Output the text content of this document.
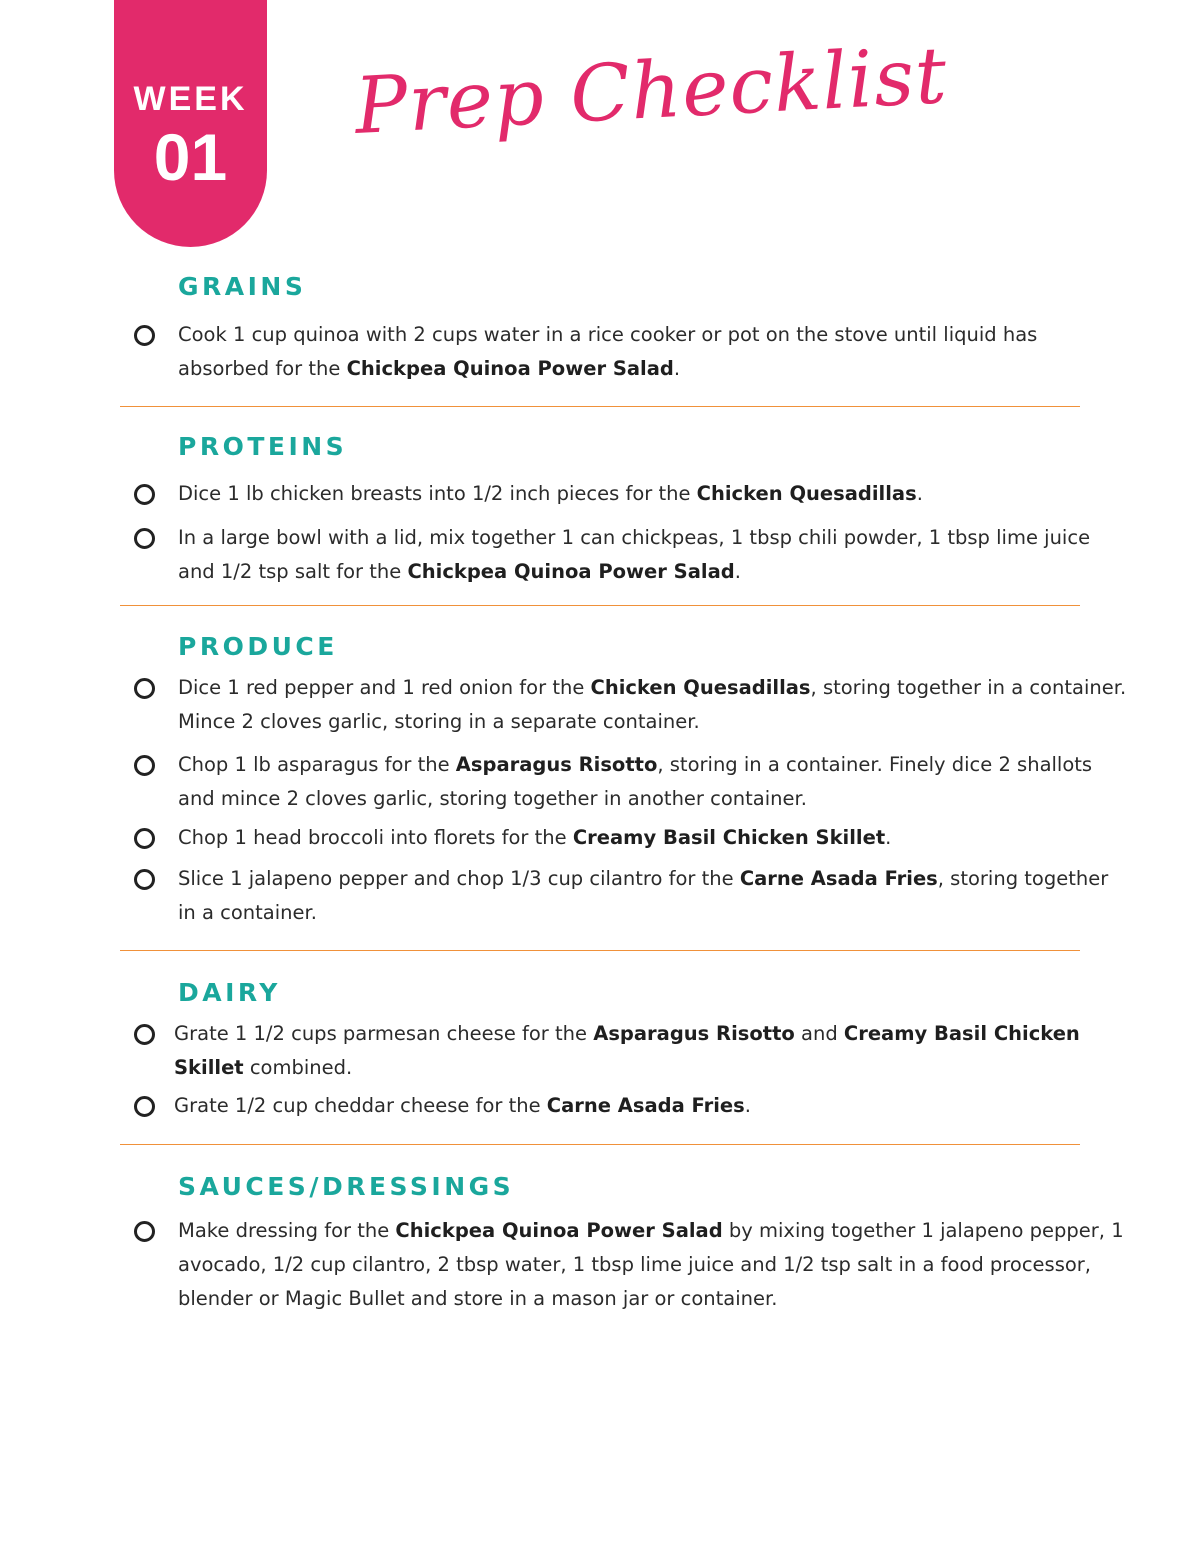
WEEK
01
Prep Checklist
GRAINS
Cook 1 cup quinoa with 2 cups water in a rice cooker or pot on the stove until liquid has absorbed for the Chickpea Quinoa Power Salad.
PROTEINS
Dice 1 lb chicken breasts into 1/2 inch pieces for the Chicken Quesadillas.
In a large bowl with a lid, mix together 1 can chickpeas, 1 tbsp chili powder, 1 tbsp lime juice and 1/2 tsp salt for the Chickpea Quinoa Power Salad.
PRODUCE
Dice 1 red pepper and 1 red onion for the Chicken Quesadillas, storing together in a container. Mince 2 cloves garlic, storing in a separate container.
Chop 1 lb asparagus for the Asparagus Risotto, storing in a container. Finely dice 2 shallots and mince 2 cloves garlic, storing together in another container.
Chop 1 head broccoli into florets for the Creamy Basil Chicken Skillet.
Slice 1 jalapeno pepper and chop 1/3 cup cilantro for the Carne Asada Fries, storing together in a container.
DAIRY
Grate 1 1/2 cups parmesan cheese for the Asparagus Risotto and Creamy Basil Chicken Skillet combined.
Grate 1/2 cup cheddar cheese for the Carne Asada Fries.
SAUCES/DRESSINGS
Make dressing for the Chickpea Quinoa Power Salad by mixing together 1 jalapeno pepper, 1 avocado, 1/2 cup cilantro, 2 tbsp water, 1 tbsp lime juice and 1/2 tsp salt in a food processor, blender or Magic Bullet and store in a mason jar or container.
